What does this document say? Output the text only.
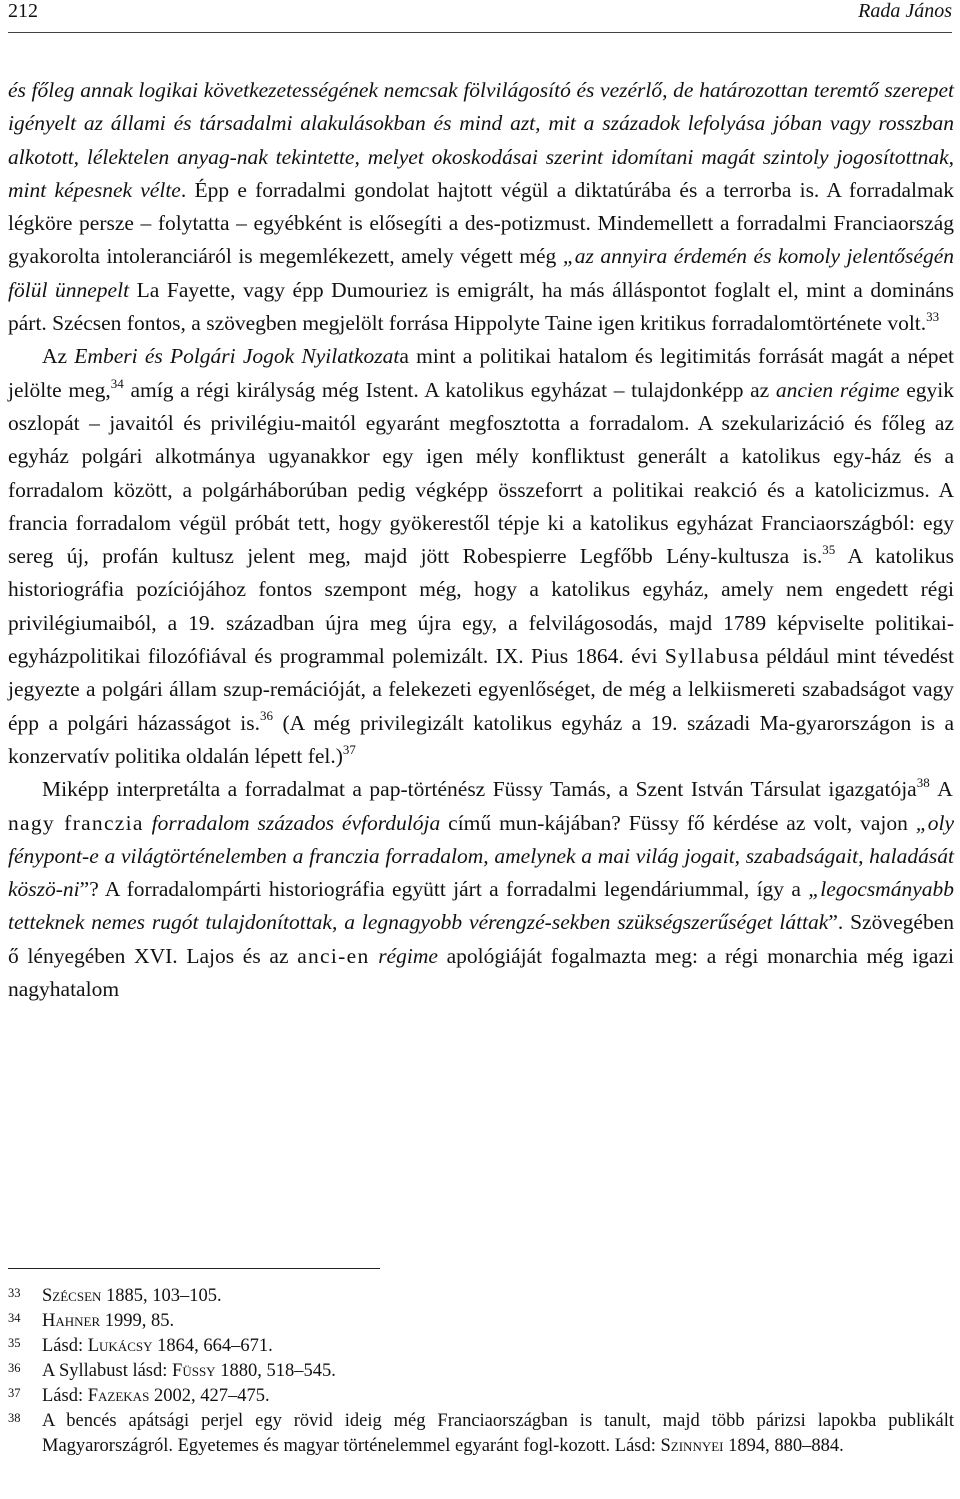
212	Rada János

és főleg annak logikai következetességének nemcsak fölvilágosító és vezérlő, de határozottan teremtő szerepet igényelt az állami és társadalmi alakulásokban és mind azt, mit a századok lefolyása jóban vagy rosszban alkotott, lélektelen anyag-nak tekintette, melyet okoskodásai szerint idomítani magát szintoly jogosítottnak, mint képesnek vélte. Épp e forradalmi gondolat hajtott végül a diktatúrába és a terrorba is. A forradalmak légköre persze – folytatta – egyébként is elősegíti a des-potizmust. Mindemellett a forradalmi Franciaország gyakorolta intoleranciáról is megemlékezett, amely végett még „az annyira érdemén és komoly jelentőségén fölül ünnepelt La Fayette, vagy épp Dumouriez is emigrált, ha más álláspontot foglalt el, mint a domináns párt. Szécsen fontos, a szövegben megjelölt forrása Hippolyte Taine igen kritikus forradalomtörténete volt.$^{33}$

Az Emberi és Polgári Jogok Nyilatkozata mint a politikai hatalom és legitimitás forrását magát a népet jelölte meg,$^{34}$ amíg a régi királyság még Istent. A katolikus egyházat – tulajdonképp az ancien régime egyik oszlopát – javaitól és privilégiu-maitól egyaránt megfosztotta a forradalom. A szekularizáció és főleg az egyház polgári alkotmánya ugyanakkor egy igen mély konfliktust generált a katolikus egy-ház és a forradalom között, a polgárháborúban pedig végképp összeforrt a politikai reakció és a katolicizmus. A francia forradalom végül próbát tett, hogy gyökerestől tépje ki a katolikus egyházat Franciaországból: egy sereg új, profán kultusz jelent meg, majd jött Robespierre Legfőbb Lény-kultusza is.$^{35}$ A katolikus historiográfia pozíciójához fontos szempont még, hogy a katolikus egyház, amely nem engedett régi privilégiumaiból, a 19. században újra meg újra egy, a felvilágosodás, majd 1789 képviselte politikai-egyházpolitikai filozófiával és programmal polemizált. IX. Pius 1864. évi Syllabusa például mint tévedést jegyezte a polgári állam szup-remációját, a felekezeti egyenlőséget, de még a lelkiismereti szabadságot vagy épp a polgári házasságot is.$^{36}$ (A még privilegizált katolikus egyház a 19. századi Ma-gyarországon is a konzervatív politika oldalán lépett fel.)$^{37}$

Miképp interpretálta a forradalmat a pap-történész Füssy Tamás, a Szent István Társulat igazgatója$^{38}$ A nagy franczia forradalom százados évfordulója című mun-kájában? Füssy fő kérdése az volt, vajon „oly fénypont-e a világtörténelemben a franczia forradalom, amelynek a mai világ jogait, szabadságait, haladását köszö-ni”? A forradalompárti historiográfia együtt járt a forradalmi legendáriummal, így a „legocsmányabb tetteknek nemes rugót tulajdonítottak, a legnagyobb vérengzé-sekben szükségszerűséget láttak”. Szövegében ő lényegében XVI. Lajos és az anci-en régime apológiáját fogalmazta meg: a régi monarchia még igazi nagyhatalom

33	Szécsen 1885, 103–105.
34	Hahner 1999, 85.
35	Lásd: Lukácsy 1864, 664–671.
36	A Syllabust lásd: Füssy 1880, 518–545.
37	Lásd: Fazekas 2002, 427–475.
38	A bencés apátsági perjel egy rövid ideig még Franciaországban is tanult, majd több párizsi lapokba publikált Magyarországról. Egyetemes és magyar történelemmel egyaránt fogl-kozott. Lásd: Szinnyei 1894, 880–884.
